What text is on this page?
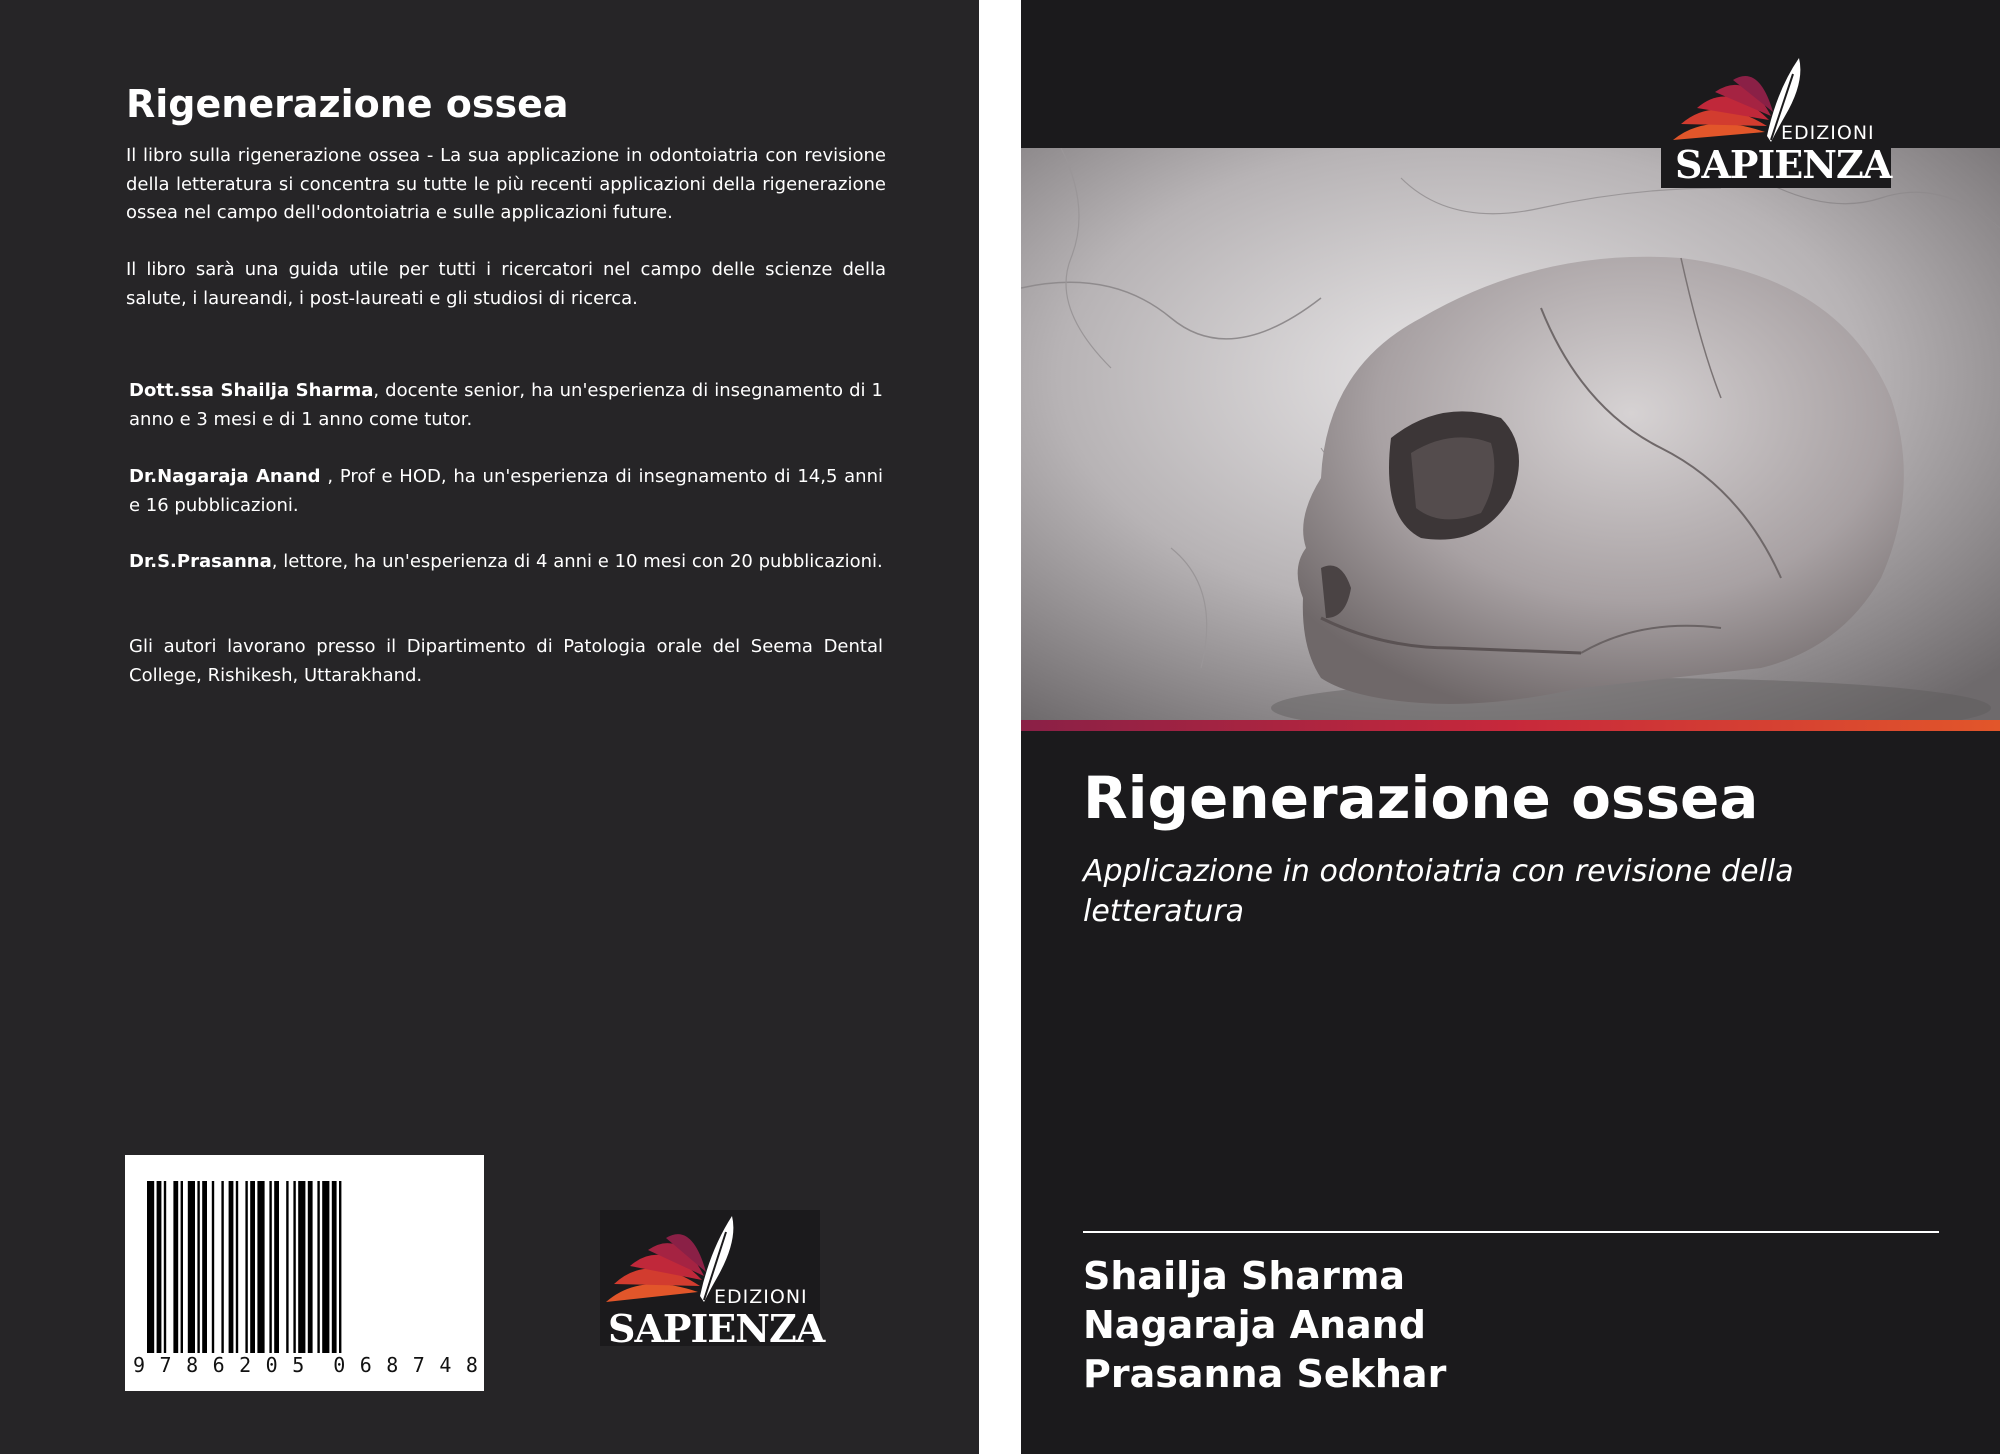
Rigenerazione ossea

Il libro sulla rigenerazione ossea - La sua applicazione in odontoiatria con revisione della letteratura si concentra su tutte le più recenti applicazioni della rigenerazione ossea nel campo dell'odontoiatria e sulle applicazioni future.

Il libro sarà una guida utile per tutti i ricercatori nel campo delle scienze della salute, i laureandi, i post-laureati e gli studiosi di ricerca.

Dott.ssa Shailja Sharma, docente senior, ha un'esperienza di insegnamento di 1 anno e 3 mesi e di 1 anno come tutor.

Dr.Nagaraja Anand , Prof e HOD, ha un'esperienza di insegnamento di 14,5 anni e 16 pubblicazioni.

Dr.S.Prasanna, lettore, ha un'esperienza di 4 anni e 10 mesi con 20 pubblicazioni.

Gli autori lavorano presso il Dipartimento di Patologia orale del Seema Dental College, Rishikesh, Uttarakhand.

9 7 8 6 2 0 5 0 6 8 7 4 8
EDIZIONI
SAPIENZA
EDIZIONI
SAPIENZA
Rigenerazione ossea

Applicazione in odontoiatria con revisione della letteratura

Shailja Sharma
Nagaraja Anand
Prasanna Sekhar
